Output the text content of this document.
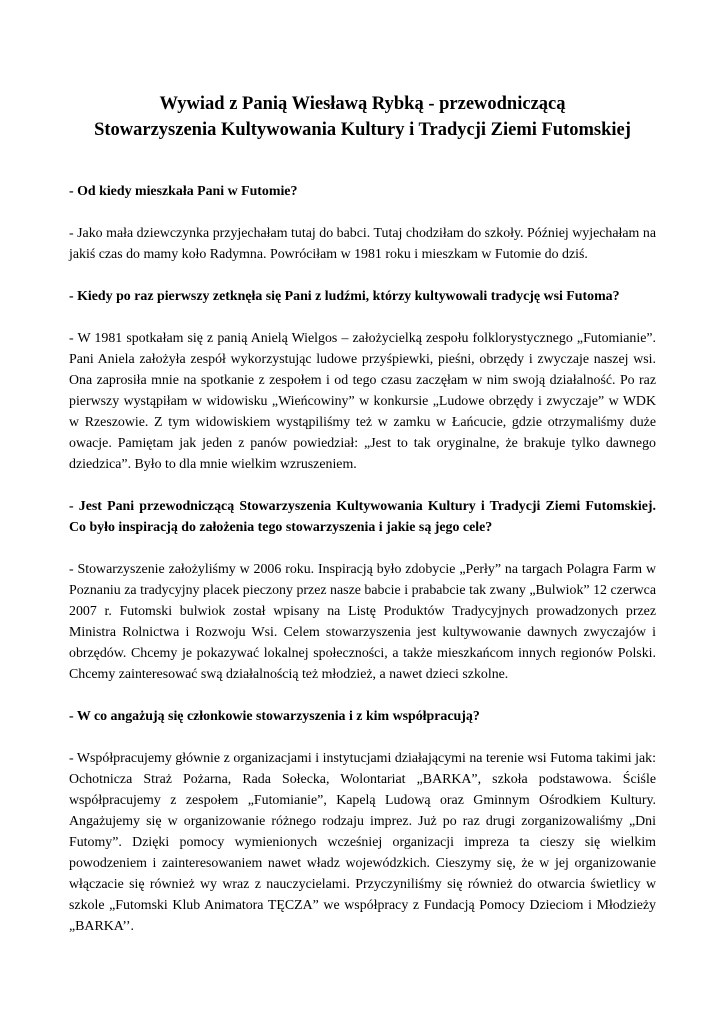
Wywiad z Panią Wiesławą Rybką - przewodniczącą
Stowarzyszenia Kultywowania Kultury i Tradycji Ziemi Futomskiej

- Od kiedy mieszkała Pani w Futomie?

- Jako mała dziewczynka przyjechałam tutaj do babci. Tutaj chodziłam do szkoły. Później wyjechałam na jakiś czas do mamy koło Radymna. Powróciłam w 1981 roku i mieszkam w Futomie do dziś.

- Kiedy po raz pierwszy zetknęła się Pani z ludźmi, którzy kultywowali tradycję wsi Futoma?

- W 1981 spotkałam się z panią Anielą Wielgos – założycielką zespołu folklorystycznego „Futomianie”. Pani Aniela założyła zespół wykorzystując ludowe przyśpiewki, pieśni, obrzędy i zwyczaje naszej wsi. Ona zaprosiła mnie na spotkanie z zespołem i od tego czasu zaczęłam w nim swoją działalność. Po raz pierwszy wystąpiłam w widowisku „Wieńcowiny” w konkursie „Ludowe obrzędy i zwyczaje” w WDK w Rzeszowie. Z tym widowiskiem wystąpiliśmy też w zamku w Łańcucie, gdzie otrzymaliśmy duże owacje. Pamiętam jak jeden z panów powiedział: „Jest to tak oryginalne, że brakuje tylko dawnego dziedzica”. Było to dla mnie wielkim wzruszeniem.

- Jest Pani przewodniczącą Stowarzyszenia Kultywowania Kultury i Tradycji Ziemi Futomskiej. Co było inspiracją do założenia tego stowarzyszenia i jakie są jego cele?

- Stowarzyszenie założyliśmy w 2006 roku. Inspiracją było zdobycie „Perły” na targach Polagra Farm w Poznaniu za tradycyjny placek pieczony przez nasze babcie i prababcie tak zwany „Bulwiok” 12 czerwca 2007 r. Futomski bulwiok został wpisany na Listę Produktów Tradycyjnych prowadzonych przez Ministra Rolnictwa i Rozwoju Wsi. Celem stowarzyszenia jest kultywowanie dawnych zwyczajów i obrzędów. Chcemy je pokazywać lokalnej społeczności, a także mieszkańcom innych regionów Polski. Chcemy zainteresować swą działalnością też młodzież, a nawet dzieci szkolne.

- W co angażują się członkowie stowarzyszenia i z kim współpracują?

- Współpracujemy głównie z organizacjami i instytucjami działającymi na terenie wsi Futoma takimi jak: Ochotnicza Straż Pożarna, Rada Sołecka, Wolontariat „BARKA”, szkoła podstawowa. Ściśle współpracujemy z zespołem „Futomianie”, Kapelą Ludową oraz Gminnym Ośrodkiem Kultury. Angażujemy się w organizowanie różnego rodzaju imprez. Już po raz drugi zorganizowaliśmy „Dni Futomy”. Dzięki pomocy wymienionych wcześniej organizacji impreza ta cieszy się wielkim powodzeniem i zainteresowaniem nawet władz wojewódzkich. Cieszymy się, że w jej organizowanie włączacie się również wy wraz z nauczycielami. Przyczyniliśmy się również do otwarcia świetlicy w szkole „Futomski Klub Animatora TĘCZA” we współpracy z Fundacją Pomocy Dzieciom i Młodzieży „BARKA’’.
